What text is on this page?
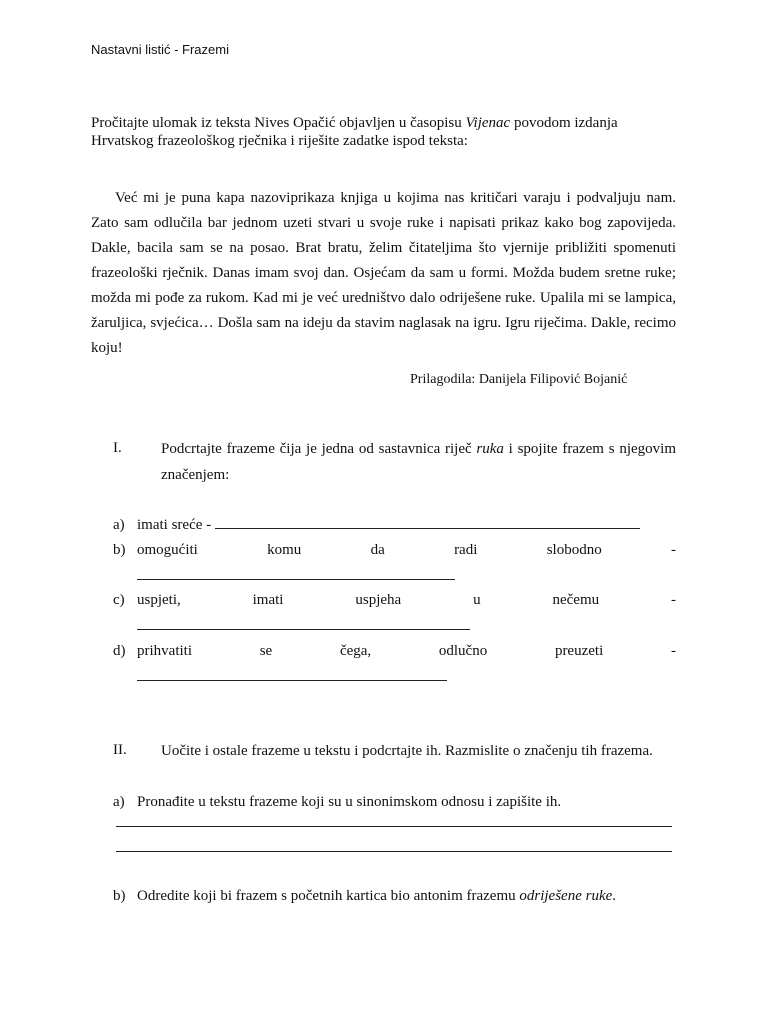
Nastavni listić - Frazemi
Pročitajte ulomak iz teksta Nives Opačić objavljen u časopisu Vijenac povodom izdanja Hrvatskog frazeološkog rječnika i riješite zadatke ispod teksta:

Već mi je puna kapa nazoviprikaza knjiga u kojima nas kritičari varaju i podvaljuju nam. Zato sam odlučila bar jednom uzeti stvari u svoje ruke i napisati prikaz kako bog zapovijeda. Dakle, bacila sam se na posao. Brat bratu, želim čitateljima što vjernije približiti spomenuti frazeološki rječnik. Danas imam svoj dan. Osjećam da sam u formi. Možda budem sretne ruke; možda mi pođe za rukom. Kad mi je već uredništvo dalo odriješene ruke. Upalila mi se lampica, žaruljica, svjećica… Došla sam na ideju da stavim naglasak na igru. Igru riječima. Dakle, recimo koju!

Prilagodila: Danijela Filipović Bojanić
I.	Podcrtajte frazeme čija je jedna od sastavnica riječ ruka i spojite frazem s njegovim značenjem:
a) imati sreće -
b) omogućiti	komu	da	radi	slobodno	-
c) uspjeti,	imati	uspjeha	u	nečemu	-
d) prihvatiti	se	čega,	odlučno	preuzeti	-
II. Uočite i ostale frazeme u tekstu i podcrtajte ih. Razmislite o značenju tih frazema.
a) Pronađite u tekstu frazeme koji su u sinonimskom odnosu i zapišite ih.
b) Odredite koji bi frazem s početnih kartica bio antonim frazemu odriješene ruke.
